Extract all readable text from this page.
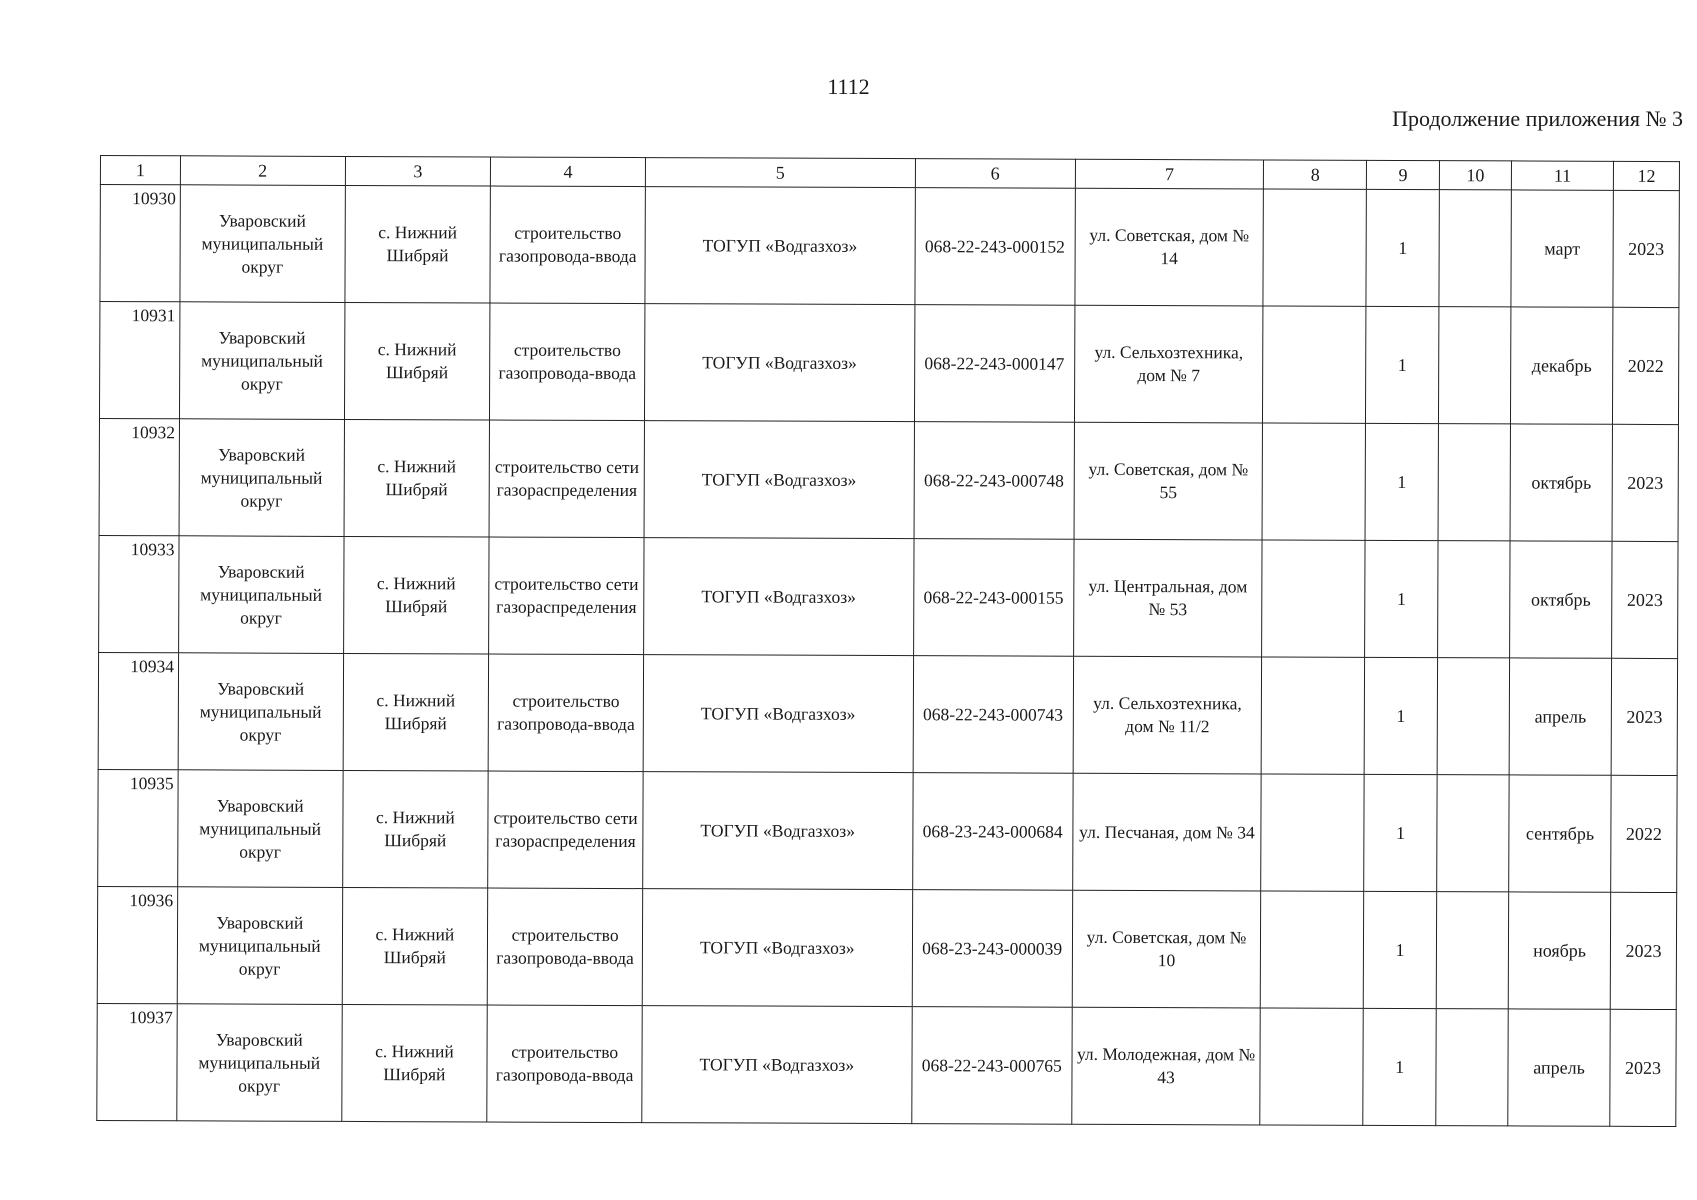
1112
Продолжение приложения № 3
1	2	3	4	5	6	7	8	9	10	11	12
10930	Уваровский муниципальный округ	с. Нижний Шибряй	строительство газопровода-ввода	ТОГУП «Водгазхоз»	068-22-243-000152	ул. Советская, дом № 14		1		март	2023
10931	Уваровский муниципальный округ	с. Нижний Шибряй	строительство газопровода-ввода	ТОГУП «Водгазхоз»	068-22-243-000147	ул. Сельхозтехника, дом № 7		1		декабрь	2022
10932	Уваровский муниципальный округ	с. Нижний Шибряй	строительство сети газораспределения	ТОГУП «Водгазхоз»	068-22-243-000748	ул. Советская, дом № 55		1		октябрь	2023
10933	Уваровский муниципальный округ	с. Нижний Шибряй	строительство сети газораспределения	ТОГУП «Водгазхоз»	068-22-243-000155	ул. Центральная, дом № 53		1		октябрь	2023
10934	Уваровский муниципальный округ	с. Нижний Шибряй	строительство газопровода-ввода	ТОГУП «Водгазхоз»	068-22-243-000743	ул. Сельхозтехника, дом № 11/2		1		апрель	2023
10935	Уваровский муниципальный округ	с. Нижний Шибряй	строительство сети газораспределения	ТОГУП «Водгазхоз»	068-23-243-000684	ул. Песчаная, дом № 34		1		сентябрь	2022
10936	Уваровский муниципальный округ	с. Нижний Шибряй	строительство газопровода-ввода	ТОГУП «Водгазхоз»	068-23-243-000039	ул. Советская, дом № 10		1		ноябрь	2023
10937	Уваровский муниципальный округ	с. Нижний Шибряй	строительство газопровода-ввода	ТОГУП «Водгазхоз»	068-22-243-000765	ул. Молодежная, дом № 43		1		апрель	2023
